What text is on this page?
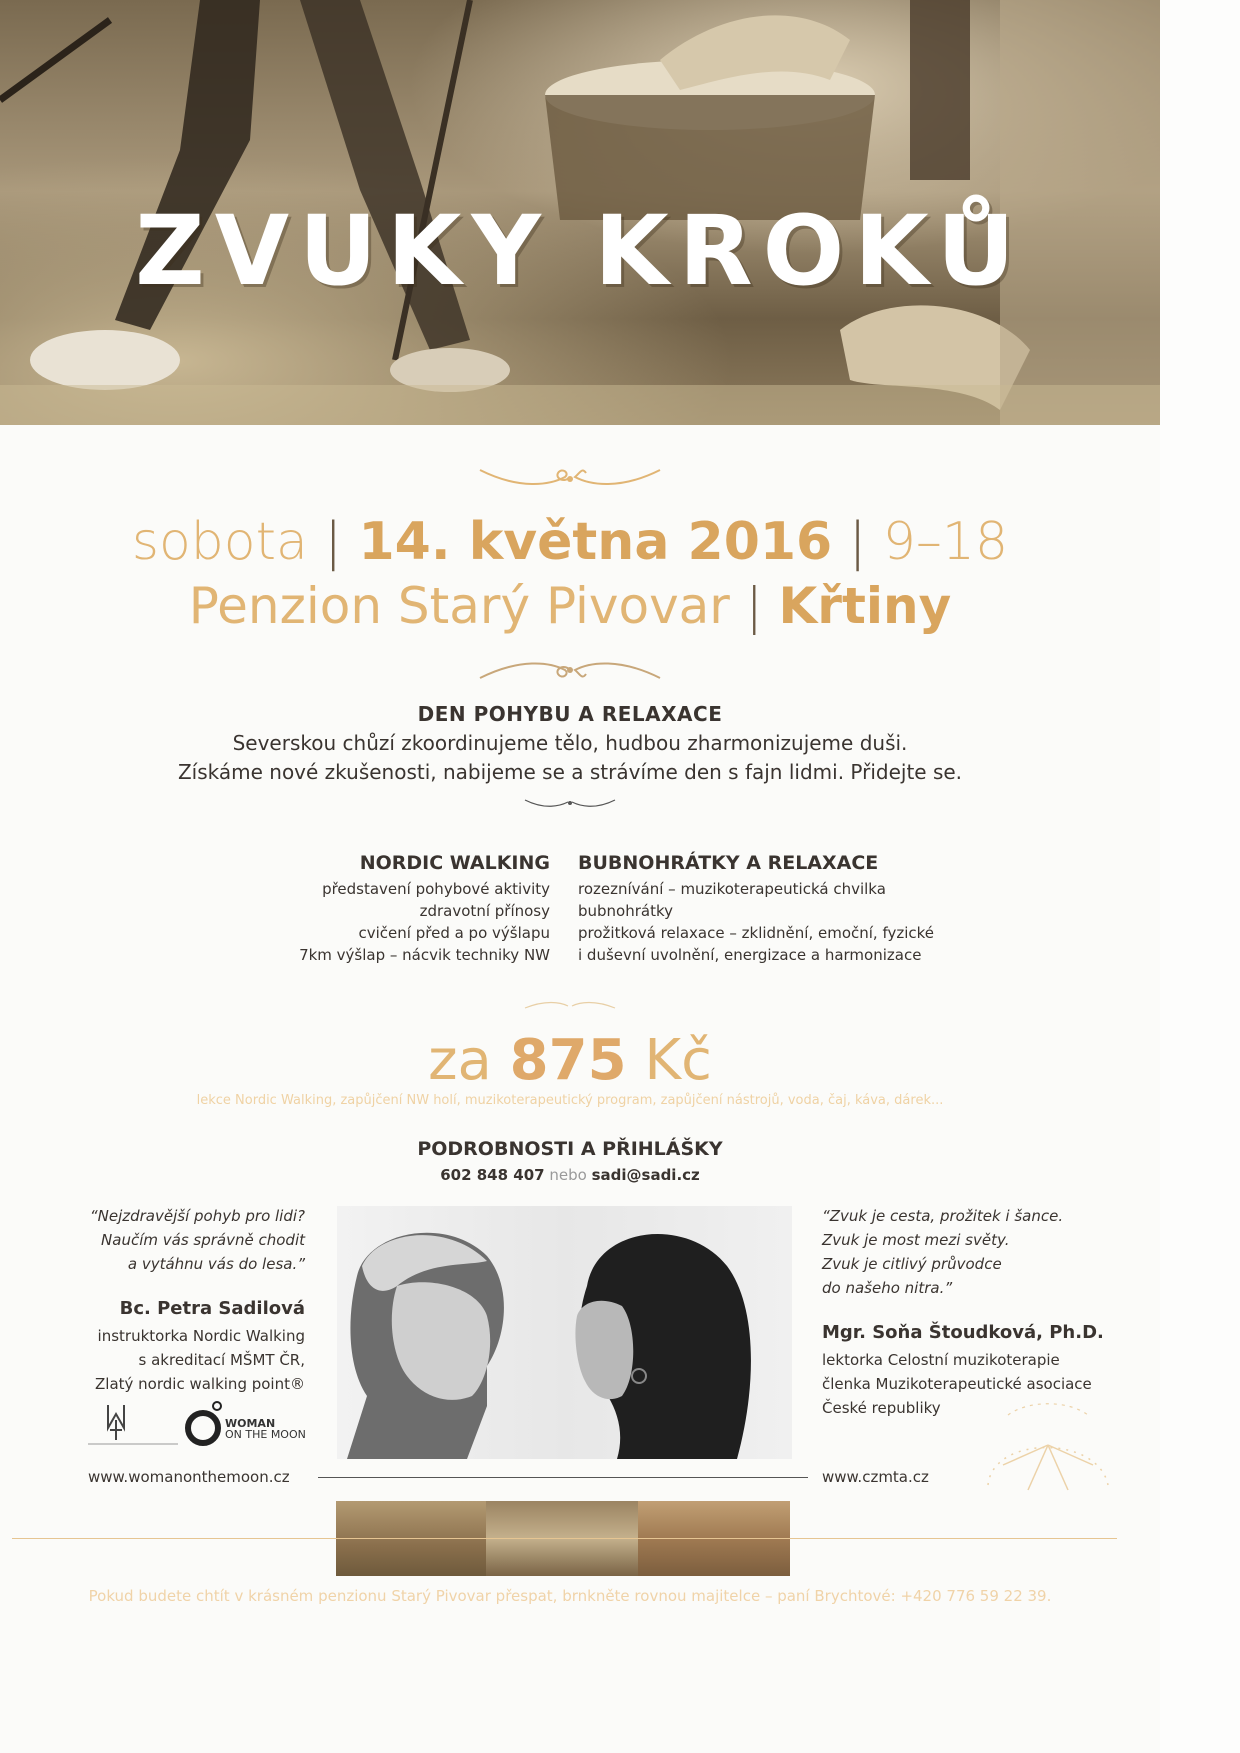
ZVUKY KROKŮ
sobota | 14. května 2016 | 9–18
Penzion Starý Pivovar | Křtiny
DEN POHYBU A RELAXACE
Severskou chůzí zkoordinujeme tělo, hudbou zharmonizujeme duši.
Získáme nové zkušenosti, nabijeme se a strávíme den s fajn lidmi. Přidejte se.
NORDIC WALKING
představení pohybové aktivity
zdravotní přínosy
cvičení před a po výšlapu
7km výšlap – nácvik techniky NW
BUBNOHRÁTKY A RELAXACE
rozeznívání – muzikoterapeutická chvilka
bubnohrátky
prožitková relaxace – zklidnění, emoční, fyzické
i duševní uvolnění, energizace a harmonizace
za 875 Kč
lekce Nordic Walking, zapůjčení NW holí, muzikoterapeutický program, zapůjčení nástrojů, voda, čaj, káva, dárek...
PODROBNOSTI A PŘIHLÁŠKY
602 848 407 nebo sadi@sadi.cz
“Nejzdravější pohyb pro lidi?
Naučím vás správně chodit
a vytáhnu vás do lesa.”
Bc. Petra Sadilová
instruktorka Nordic Walking
s akreditací MŠMT ČR,
Zlatý nordic walking point®
WOMAN
ON THE MOON
www.womanonthemoon.cz	www.czmta.cz
“Zvuk je cesta, prožitek i šance.
Zvuk je most mezi světy.
Zvuk je citlivý průvodce
do našeho nitra.”
Mgr. Soňa Štoudková, Ph.D.
lektorka Celostní muzikoterapie
členka Muzikoterapeutické asociace
České republiky
Pokud budete chtít v krásném penzionu Starý Pivovar přespat, brnkněte rovnou majitelce – paní Brychtové: +420 776 59 22 39.
